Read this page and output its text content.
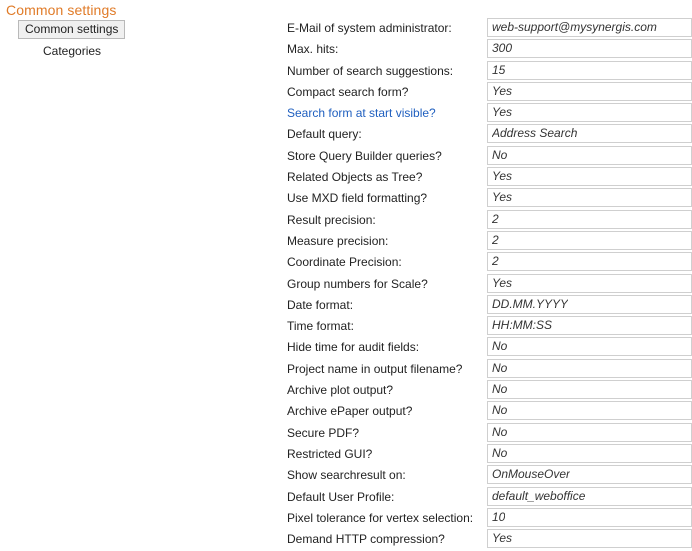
Common settings
Common settings
Categories
E-Mail of system administrator:	web-support@mysynergis.com
Max. hits:	300
Number of search suggestions:	15
Compact search form?	Yes
Search form at start visible?	Yes
Default query:	Address Search
Store Query Builder queries?	No
Related Objects as Tree?	Yes
Use MXD field formatting?	Yes
Result precision:	2
Measure precision:	2
Coordinate Precision:	2
Group numbers for Scale?	Yes
Date format:	DD.MM.YYYY
Time format:	HH:MM:SS
Hide time for audit fields:	No
Project name in output filename?	No
Archive plot output?	No
Archive ePaper output?	No
Secure PDF?	No
Restricted GUI?	No
Show searchresult on:	OnMouseOver
Default User Profile:	default_weboffice
Pixel tolerance for vertex selection:	10
Demand HTTP compression?	Yes
